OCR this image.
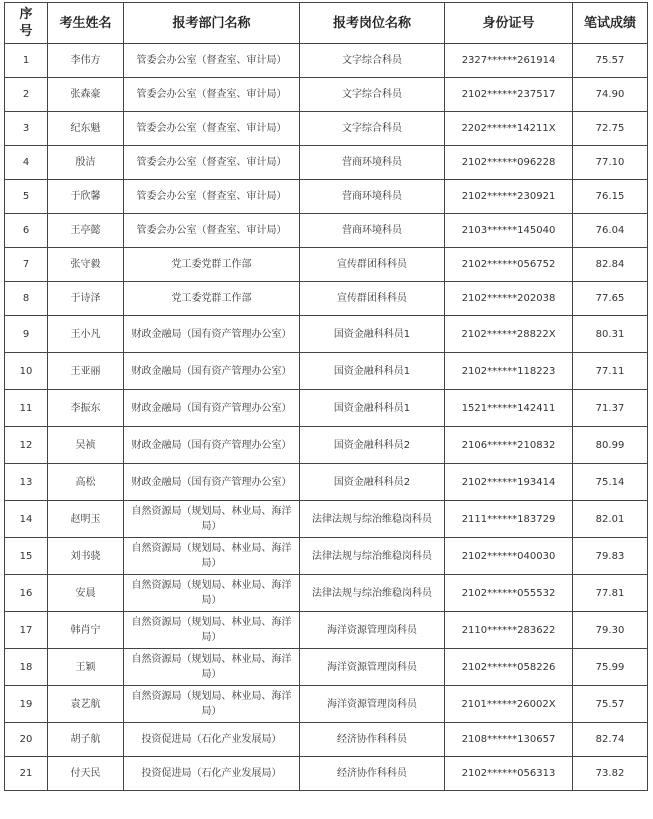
序号	考生姓名	报考部门名称	报考岗位名称	身份证号	笔试成绩
1	李伟方	管委会办公室（督查室、审计局）	文字综合科员	2327******261914	75.57
2	张森豪	管委会办公室（督查室、审计局）	文字综合科员	2102******237517	74.90
3	纪东魁	管委会办公室（督查室、审计局）	文字综合科员	2202******14211X	72.75
4	殷洁	管委会办公室（督查室、审计局）	营商环境科员	2102******096228	77.10
5	于欣馨	管委会办公室（督查室、审计局）	营商环境科员	2102******230921	76.15
6	王亭懿	管委会办公室（督查室、审计局）	营商环境科员	2103******145040	76.04
7	张守毅	党工委党群工作部	宣传群团科科员	2102******056752	82.84
8	于诗泽	党工委党群工作部	宣传群团科科员	2102******202038	77.65
9	王小凡	财政金融局（国有资产管理办公室）	国资金融科科员1	2102******28822X	80.31
10	王亚丽	财政金融局（国有资产管理办公室）	国资金融科科员1	2102******118223	77.11
11	李振东	财政金融局（国有资产管理办公室）	国资金融科科员1	1521******142411	71.37
12	吴祯	财政金融局（国有资产管理办公室）	国资金融科科员2	2106******210832	80.99
13	高松	财政金融局（国有资产管理办公室）	国资金融科科员2	2102******193414	75.14
14	赵明玉	自然资源局（规划局、林业局、海洋局）	法律法规与综治维稳岗科员	2111******183729	82.01
15	刘书骁	自然资源局（规划局、林业局、海洋局）	法律法规与综治维稳岗科员	2102******040030	79.83
16	安晨	自然资源局（规划局、林业局、海洋局）	法律法规与综治维稳岗科员	2102******055532	77.81
17	韩肖宁	自然资源局（规划局、林业局、海洋局）	海洋资源管理岗科员	2110******283622	79.30
18	王颖	自然资源局（规划局、林业局、海洋局）	海洋资源管理岗科员	2102******058226	75.99
19	袁艺航	自然资源局（规划局、林业局、海洋局）	海洋资源管理岗科员	2101******26002X	75.57
20	胡子航	投资促进局（石化产业发展局）	经济协作科科员	2108******130657	82.74
21	付天民	投资促进局（石化产业发展局）	经济协作科科员	2102******056313	73.82
